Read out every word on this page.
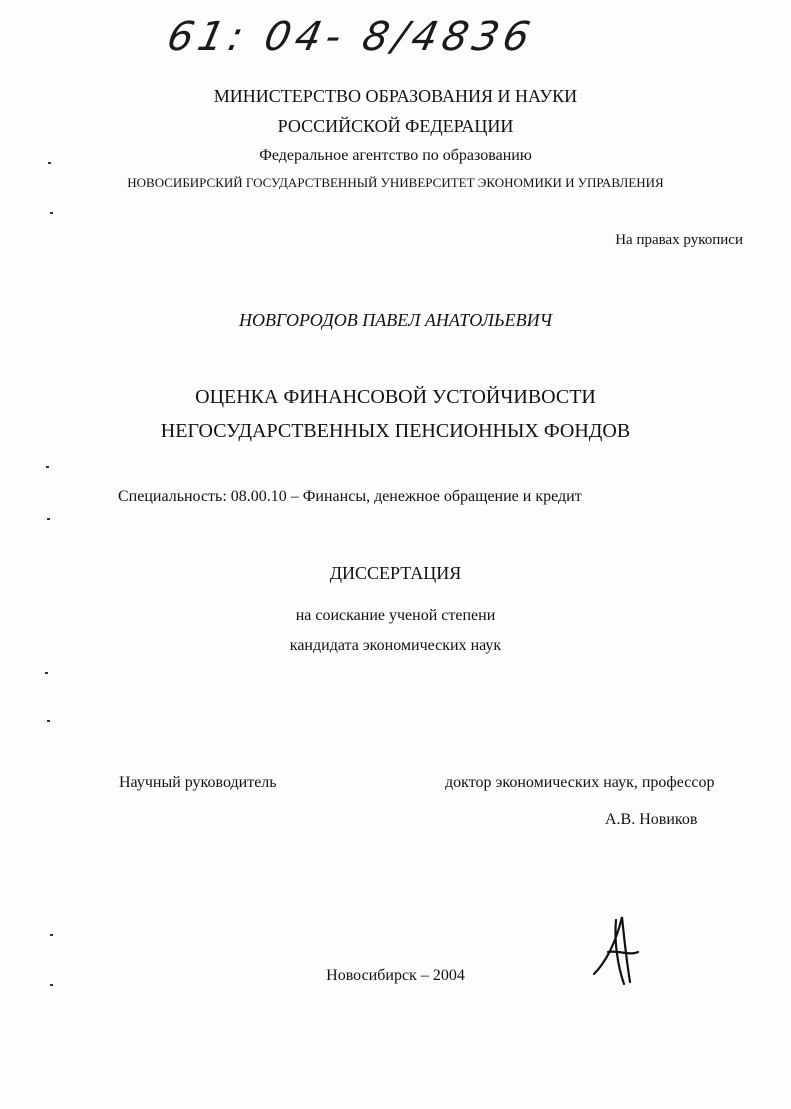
61: 04- 8/4836

МИНИСТЕРСТВО ОБРАЗОВАНИЯ И НАУКИ

РОССИЙСКОЙ ФЕДЕРАЦИИ

Федеральное агентство по образованию

НОВОСИБИРСКИЙ ГОСУДАРСТВЕННЫЙ УНИВЕРСИТЕТ ЭКОНОМИКИ И УПРАВЛЕНИЯ

На правах рукописи

НОВГОРОДОВ ПАВЕЛ АНАТОЛЬЕВИЧ

ОЦЕНКА ФИНАНСОВОЙ УСТОЙЧИВОСТИ

НЕГОСУДАРСТВЕННЫХ ПЕНСИОННЫХ ФОНДОВ

Специальность: 08.00.10 – Финансы, денежное обращение и кредит

ДИССЕРТАЦИЯ

на соискание ученой степени

кандидата экономических наук

Научный руководитель	доктор экономических наук, профессор

А.В. Новиков

Новосибирск – 2004
